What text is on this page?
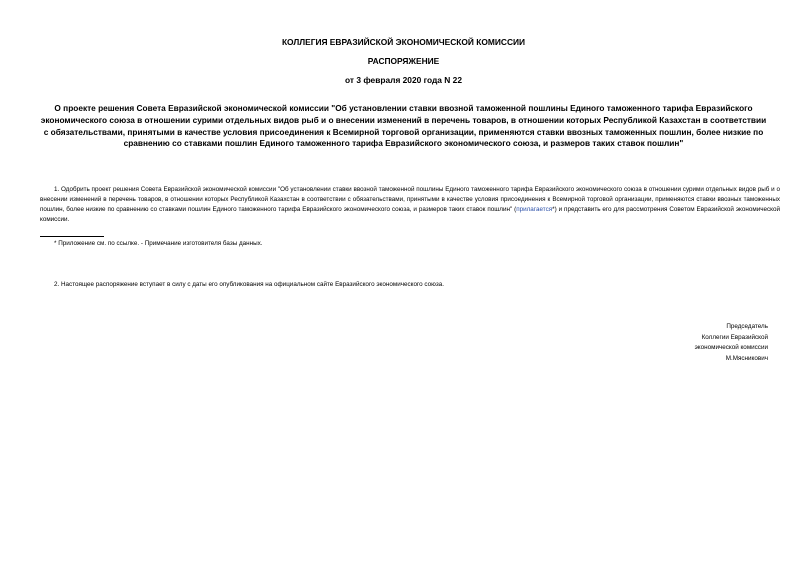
КОЛЛЕГИЯ ЕВРАЗИЙСКОЙ ЭКОНОМИЧЕСКОЙ КОМИССИИ
РАСПОРЯЖЕНИЕ
от 3 февраля 2020 года N 22
О проекте решения Совета Евразийской экономической комиссии "Об установлении ставки ввозной таможенной пошлины Единого таможенного тарифа Евразийского экономического союза в отношении сурими отдельных видов рыб и о внесении изменений в перечень товаров, в отношении которых Республикой Казахстан в соответствии с обязательствами, принятыми в качестве условия присоединения к Всемирной торговой организации, применяются ставки ввозных таможенных пошлин, более низкие по сравнению со ставками пошлин Единого таможенного тарифа Евразийского экономического союза, и размеров таких ставок пошлин"
1. Одобрить проект решения Совета Евразийской экономической комиссии "Об установлении ставки ввозной таможенной пошлины Единого таможенного тарифа Евразийского экономического союза в отношении сурими отдельных видов рыб и о внесении изменений в перечень товаров, в отношении которых Республикой Казахстан в соответствии с обязательствами, принятыми в качестве условия присоединения к Всемирной торговой организации, применяются ставки ввозных таможенных пошлин, более низкие по сравнению со ставками пошлин Единого таможенного тарифа Евразийского экономического союза, и размеров таких ставок пошлин" (прилагается*) и представить его для рассмотрения Советом Евразийской экономической комиссии.
* Приложение см. по ссылке. - Примечание изготовителя базы данных.
2. Настоящее распоряжение вступает в силу с даты его опубликования на официальном сайте Евразийского экономического союза.
Председатель
Коллегии Евразийской
экономической комиссии
М.Мясникович
